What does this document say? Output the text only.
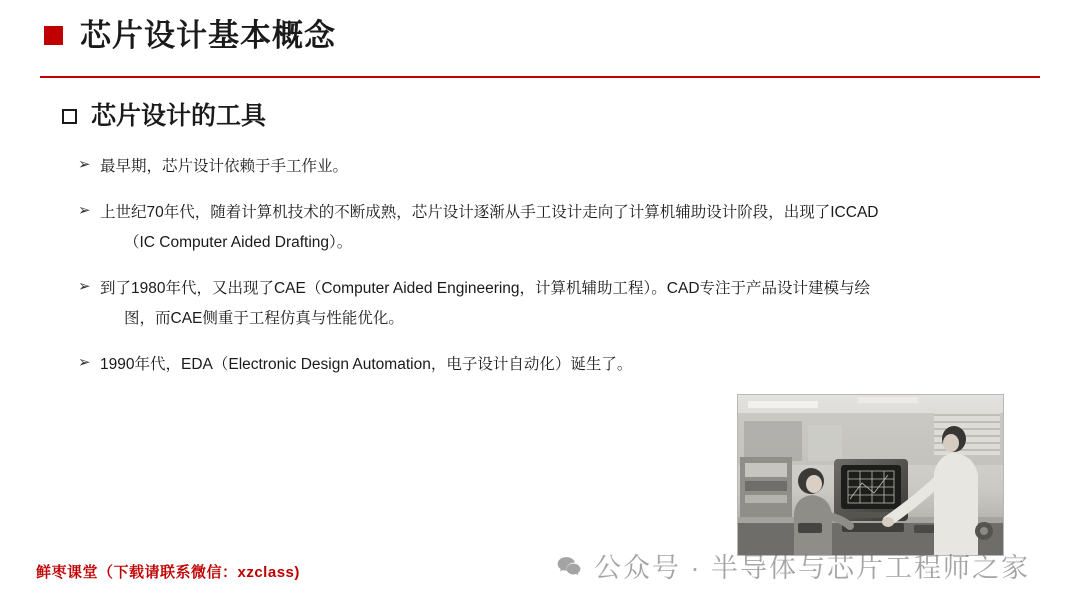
芯片设计基本概念
芯片设计的工具
➢ 最早期，芯片设计依赖于手工作业。
➢ 上世纪70年代，随着计算机技术的不断成熟，芯片设计逐渐从手工设计走向了计算机辅助设计阶段，出现了ICCAD
（IC Computer Aided Drafting）。
➢ 到了1980年代，又出现了CAE（Computer Aided Engineering，计算机辅助工程）。CAD专注于产品设计建模与绘
图，而CAE侧重于工程仿真与性能优化。
➢ 1990年代，EDA（Electronic Design Automation，电子设计自动化）诞生了。
鲜枣课堂（下载请联系微信：xzclass)	公众号 · 半导体与芯片工程师之家
